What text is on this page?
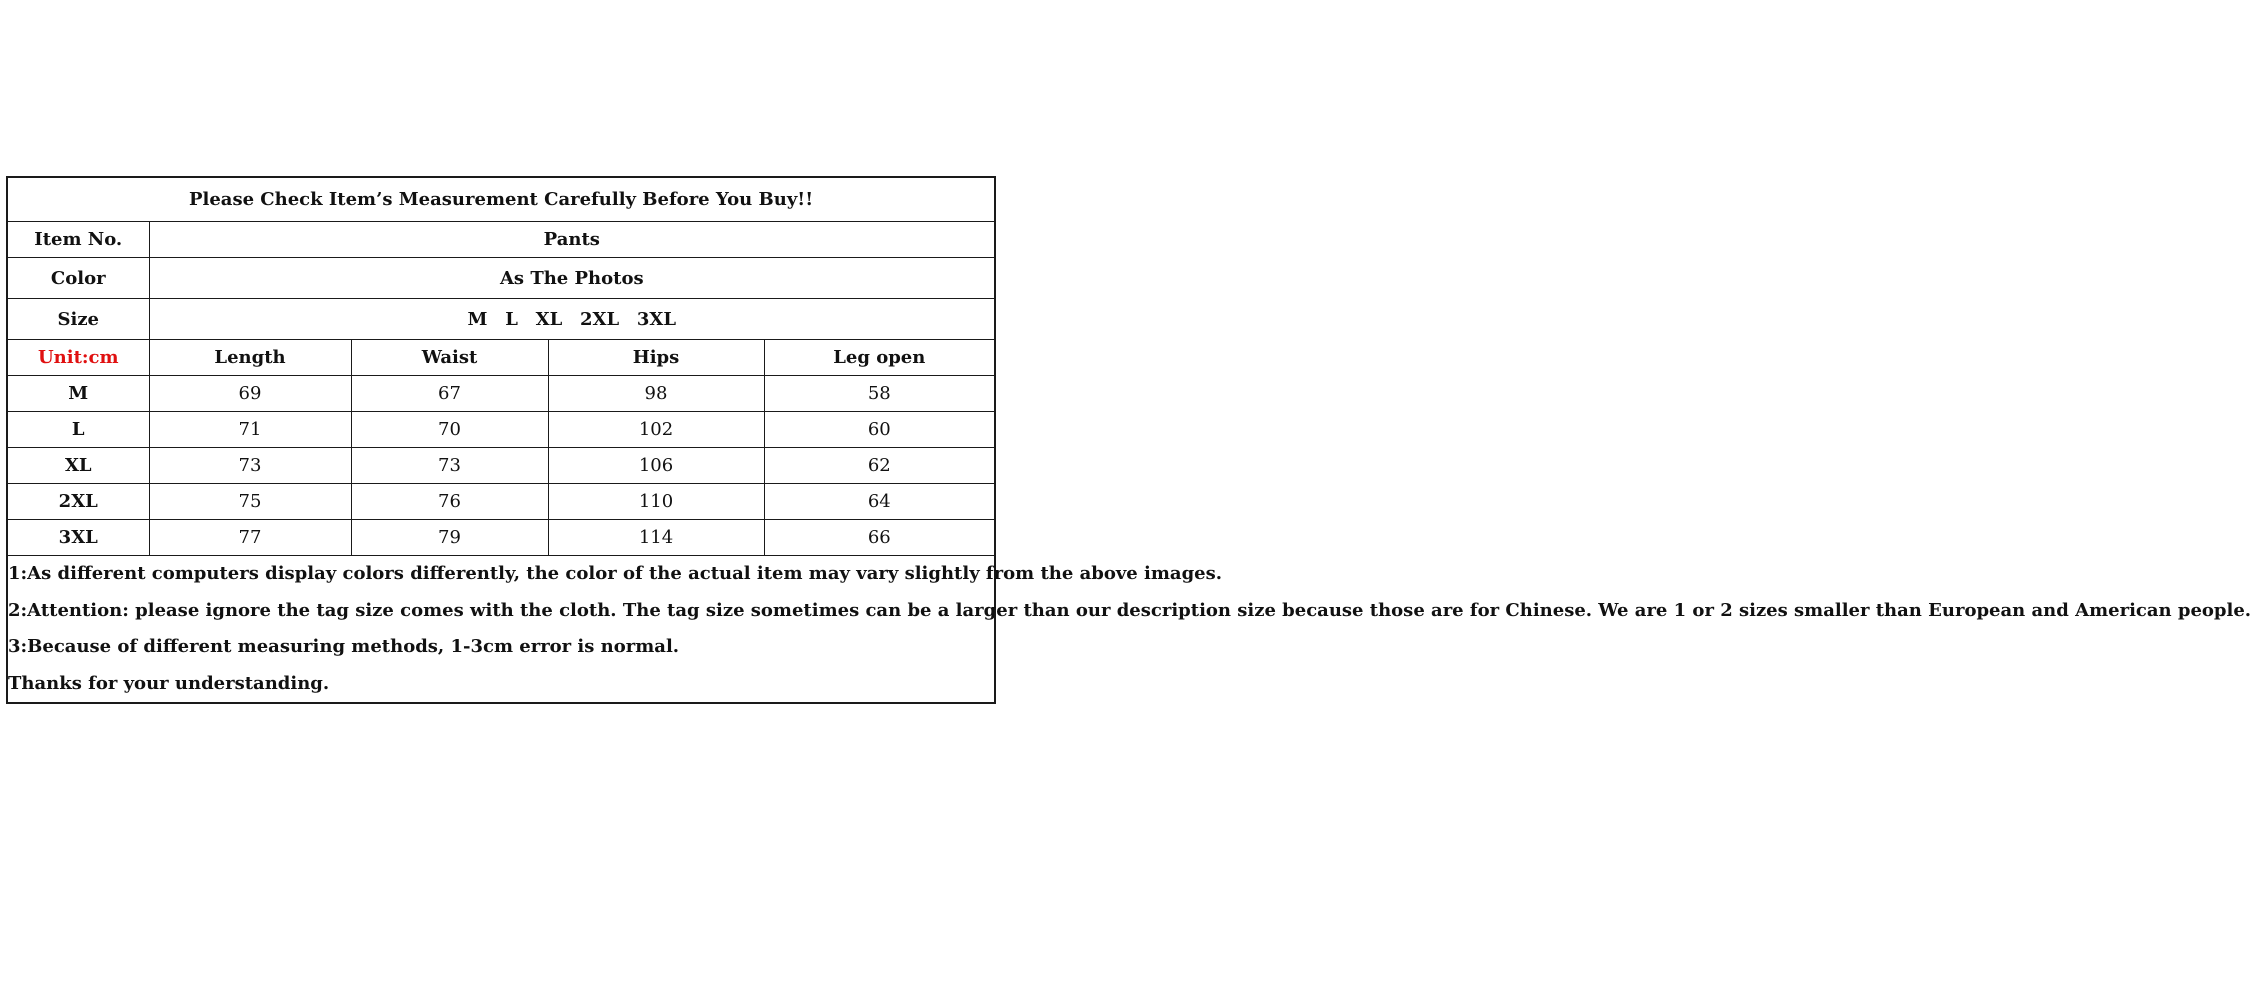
Please Check Item’s Measurement Carefully Before You Buy!!				
Item No.	Pants			
Color	As The Photos			
Size	M L XL 2XL 3XL			
Unit:cm	Length	Waist	Hips	Leg open
M	69	67	98	58
L	71	70	102	60
XL	73	73	106	62
2XL	75	76	110	64
3XL	77	79	114	66

1:As different computers display colors differently, the color of the actual item may vary slightly from the above images.
2:Attention: please ignore the tag size comes with the cloth. The tag size sometimes can be a larger than our description size because those are for Chinese. We are 1 or 2 sizes smaller than European and American people.
3:Because of different measuring methods, 1-3cm error is normal.
Thanks for your understanding.				
